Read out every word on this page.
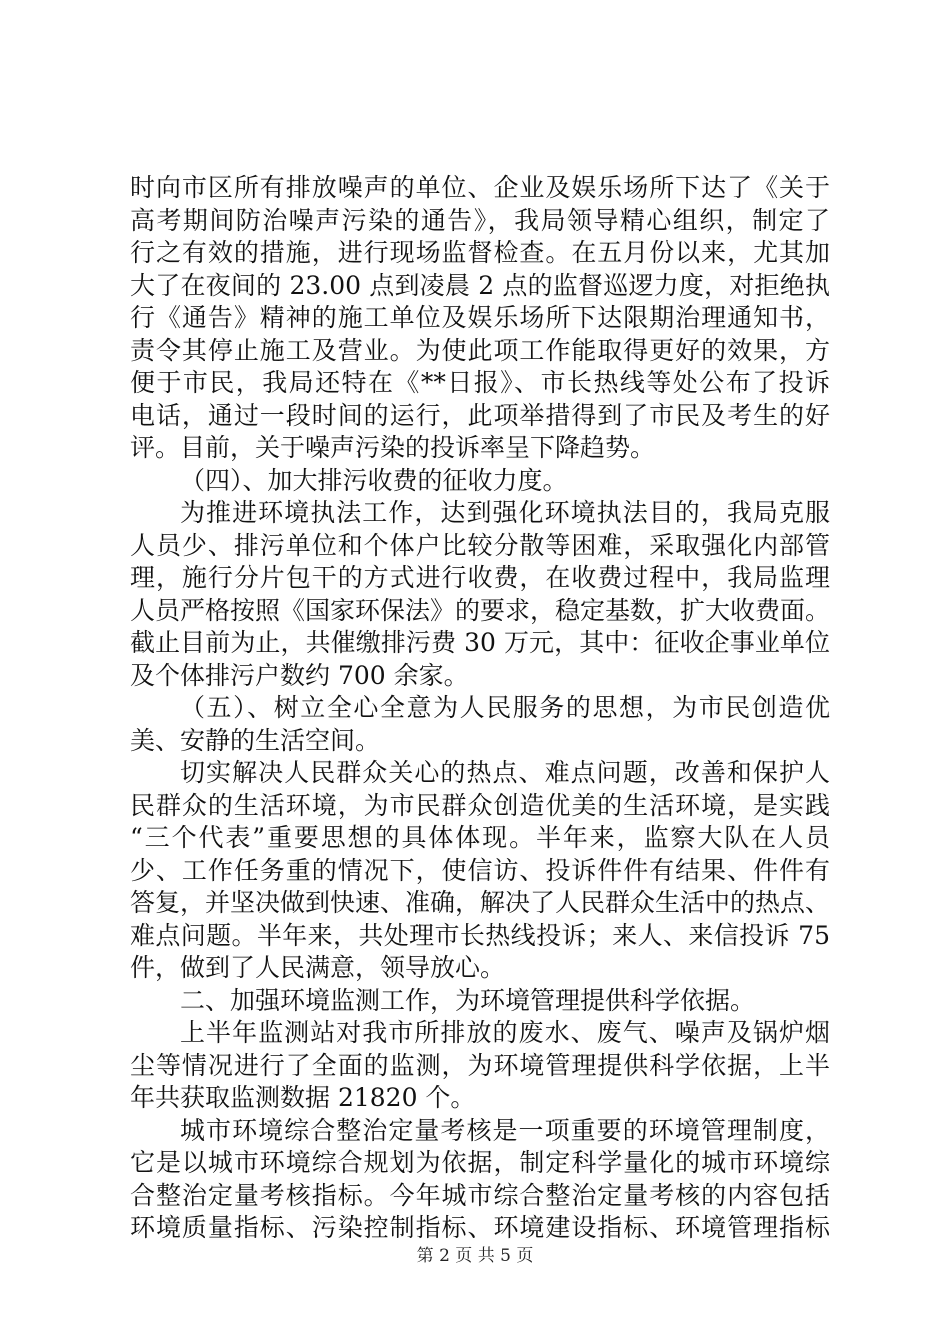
时向市区所有排放噪声的单位、企业及娱乐场所下达了《关于
高考期间防治噪声污染的通告》，我局领导精心组织，制定了
行之有效的措施，进行现场监督检查。在五月份以来，尤其加
大了在夜间的 23.00 点到凌晨 2 点的监督巡逻力度，对拒绝执
行《通告》精神的施工单位及娱乐场所下达限期治理通知书，
责令其停止施工及营业。为使此项工作能取得更好的效果，方
便于市民，我局还特在《**日报》、市长热线等处公布了投诉
电话，通过一段时间的运行，此项举措得到了市民及考生的好
评。目前，关于噪声污染的投诉率呈下降趋势。
（四）、加大排污收费的征收力度。
为推进环境执法工作，达到强化环境执法目的，我局克服
人员少、排污单位和个体户比较分散等困难，采取强化内部管
理，施行分片包干的方式进行收费，在收费过程中，我局监理
人员严格按照《国家环保法》的要求，稳定基数，扩大收费面。
截止目前为止，共催缴排污费 30 万元，其中：征收企事业单位
及个体排污户数约 700 余家。
（五）、树立全心全意为人民服务的思想，为市民创造优
美、安静的生活空间。
切实解决人民群众关心的热点、难点问题，改善和保护人
民群众的生活环境，为市民群众创造优美的生活环境，是实践
“三个代表”重要思想的具体体现。半年来，监察大队在人员
少、工作任务重的情况下，使信访、投诉件件有结果、件件有
答复，并坚决做到快速、准确，解决了人民群众生活中的热点、
难点问题。半年来，共处理市长热线投诉；来人、来信投诉 75
件，做到了人民满意，领导放心。
二、加强环境监测工作，为环境管理提供科学依据。
上半年监测站对我市所排放的废水、废气、噪声及锅炉烟
尘等情况进行了全面的监测，为环境管理提供科学依据，上半
年共获取监测数据 21820 个。
城市环境综合整治定量考核是一项重要的环境管理制度，
它是以城市环境综合规划为依据，制定科学量化的城市环境综
合整治定量考核指标。今年城市综合整治定量考核的内容包括
环境质量指标、污染控制指标、环境建设指标、环境管理指标
第 2 页 共 5 页
